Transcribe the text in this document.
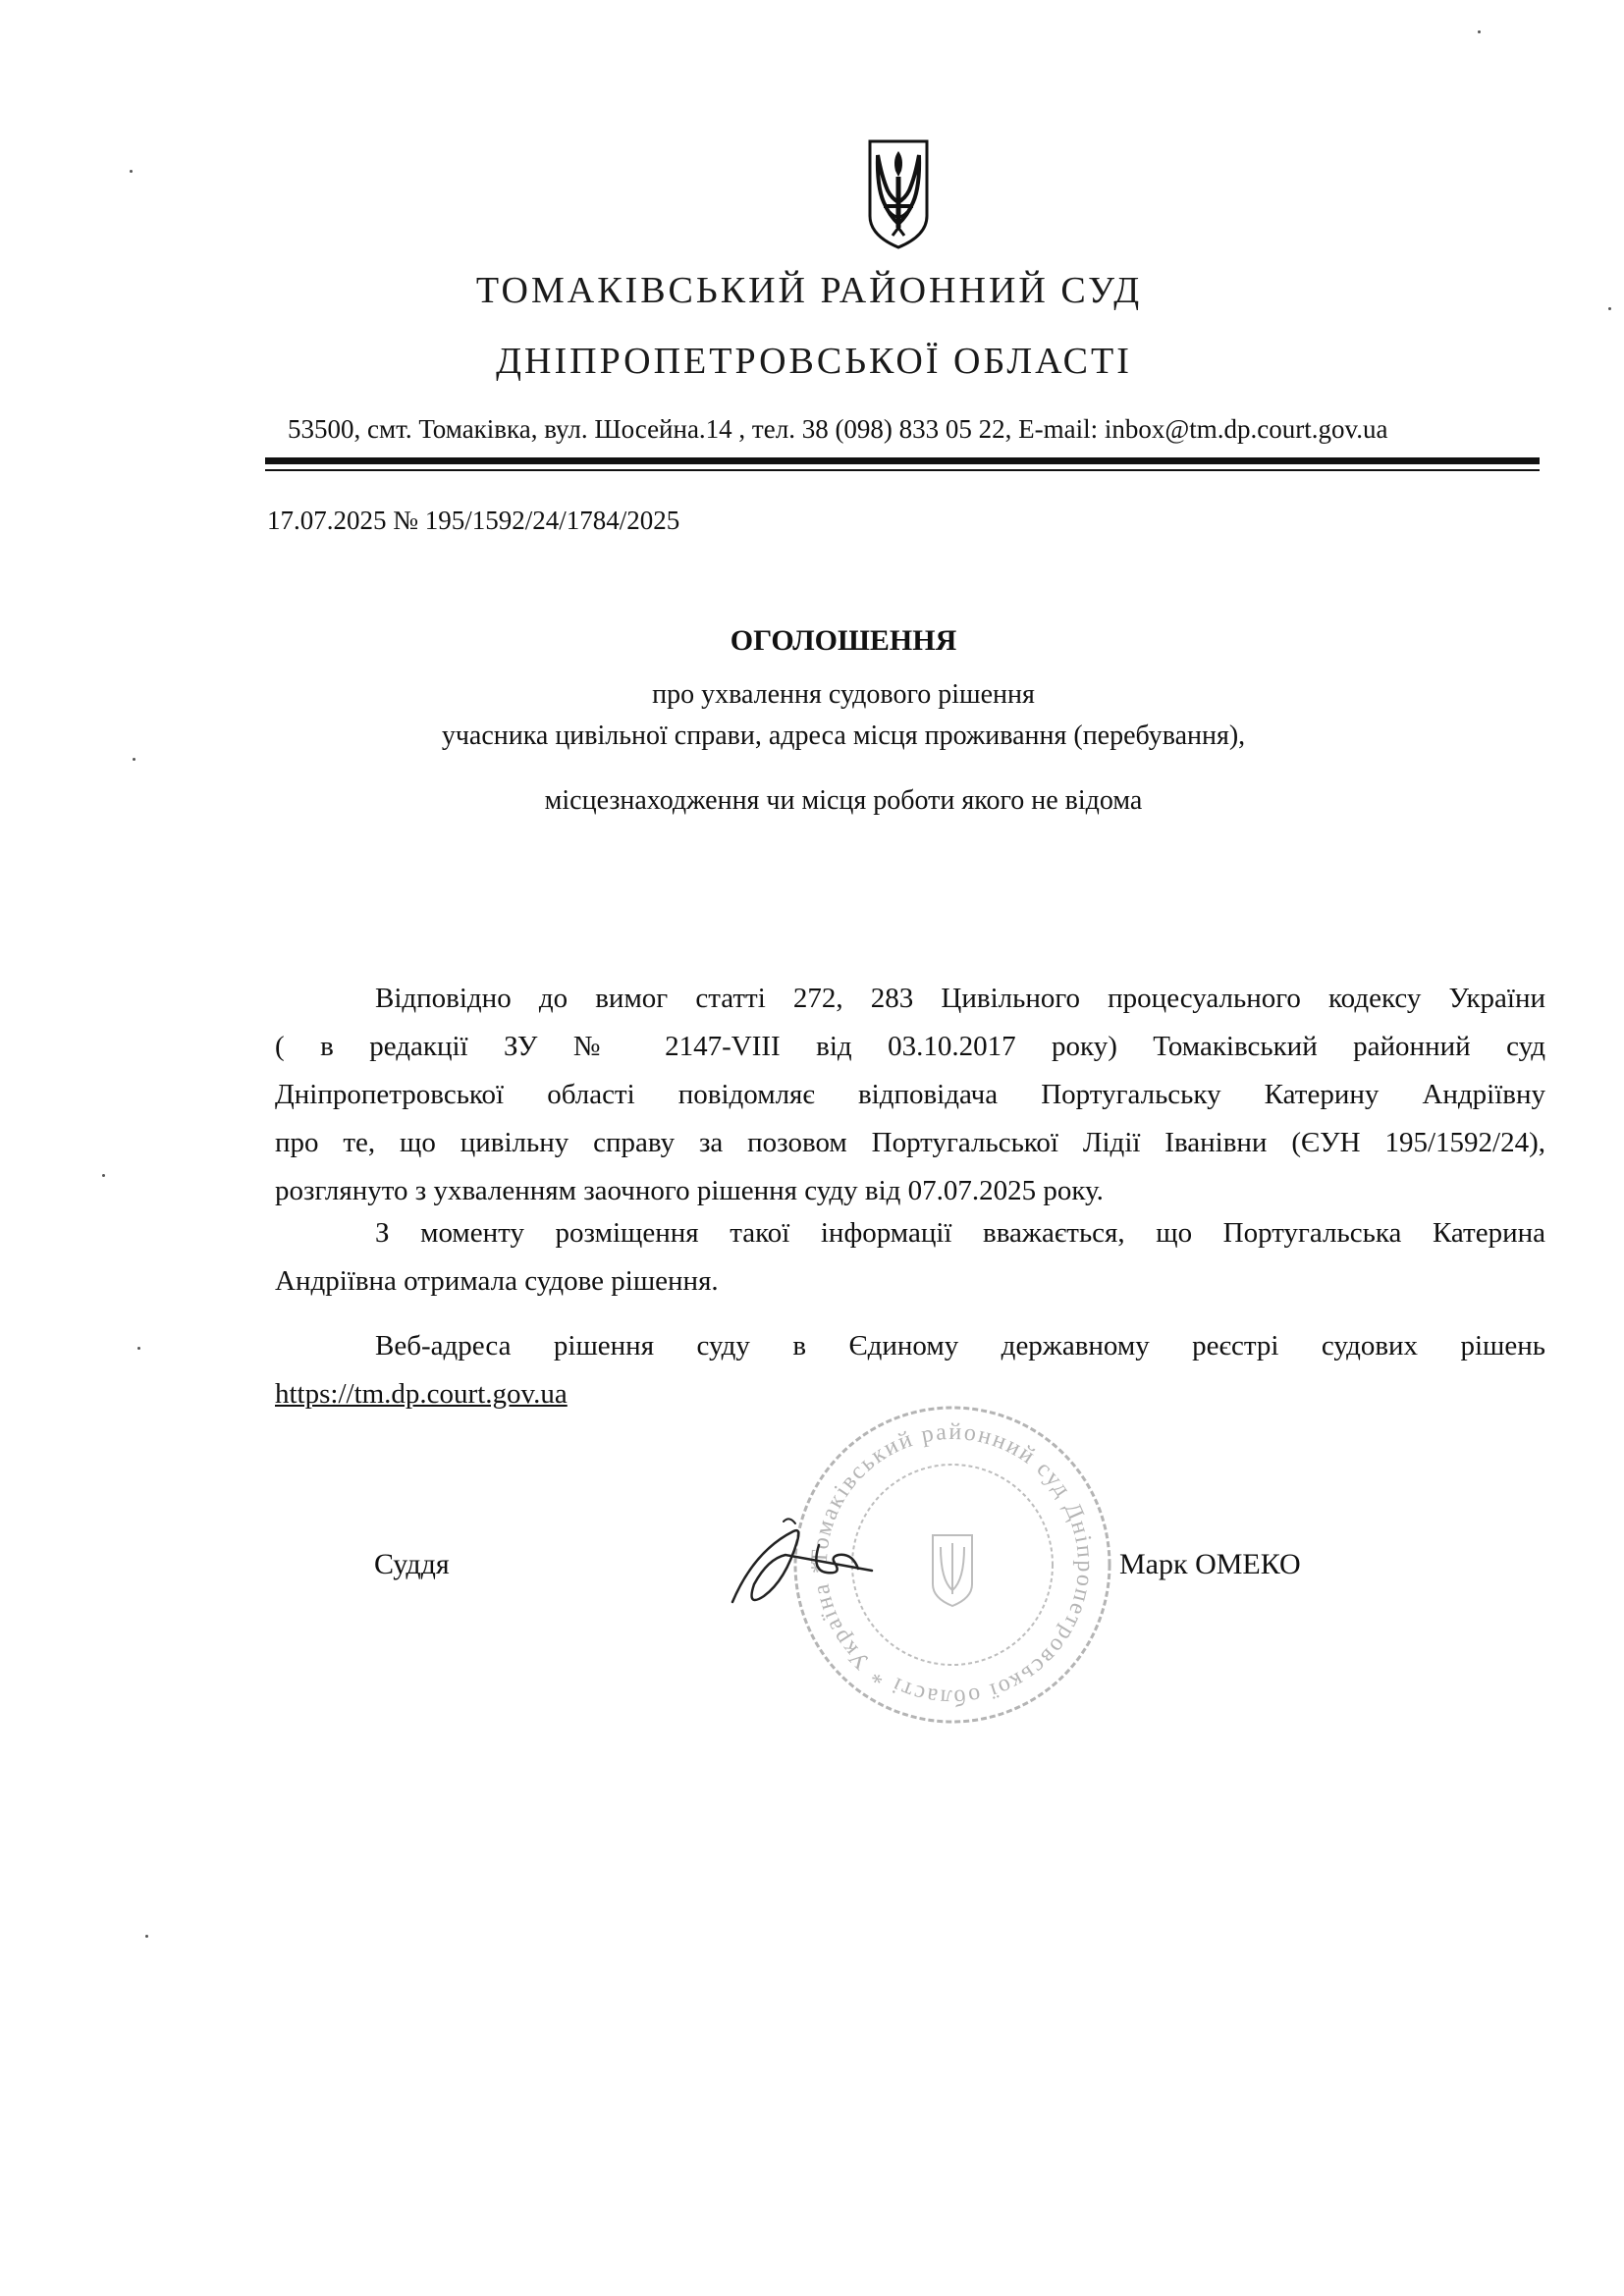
ТОМАКІВСЬКИЙ РАЙОННИЙ СУД
ДНІПРОПЕТРОВСЬКОЇ ОБЛАСТІ
53500, смт. Томаківка, вул. Шосейна.14 , тел. 38 (098) 833 05 22, E-mail: inbox@tm.dp.court.gov.ua
17.07.2025 № 195/1592/24/1784/2025
ОГОЛОШЕННЯ
про ухвалення судового рішення
учасника цивільної справи, адреса місця проживання (перебування),
місцезнаходження чи місця роботи якого не відома
Відповідно до вимог статті 272, 283 Цивільного процесуального кодексу України
( в редакції ЗУ № 2147-VIII від 03.10.2017 року) Томаківський районний суд
Дніпропетровської області повідомляє відповідача Португальську Катерину Андріївну
про те, що цивільну справу за позовом Португальської Лідії Іванівни (ЄУН 195/1592/24),
розглянуто з ухваленням заочного рішення суду від 07.07.2025 року.
З моменту розміщення такої інформації вважається, що Португальська Катерина
Андріївна отримала судове рішення.
Веб-адреса рішення суду в Єдиному державному реєстрі судових рішень
https://tm.dp.court.gov.ua
Томаківський районний суд Дніпропетровської області * Україна *
Суддя	Марк ОМЕКО
